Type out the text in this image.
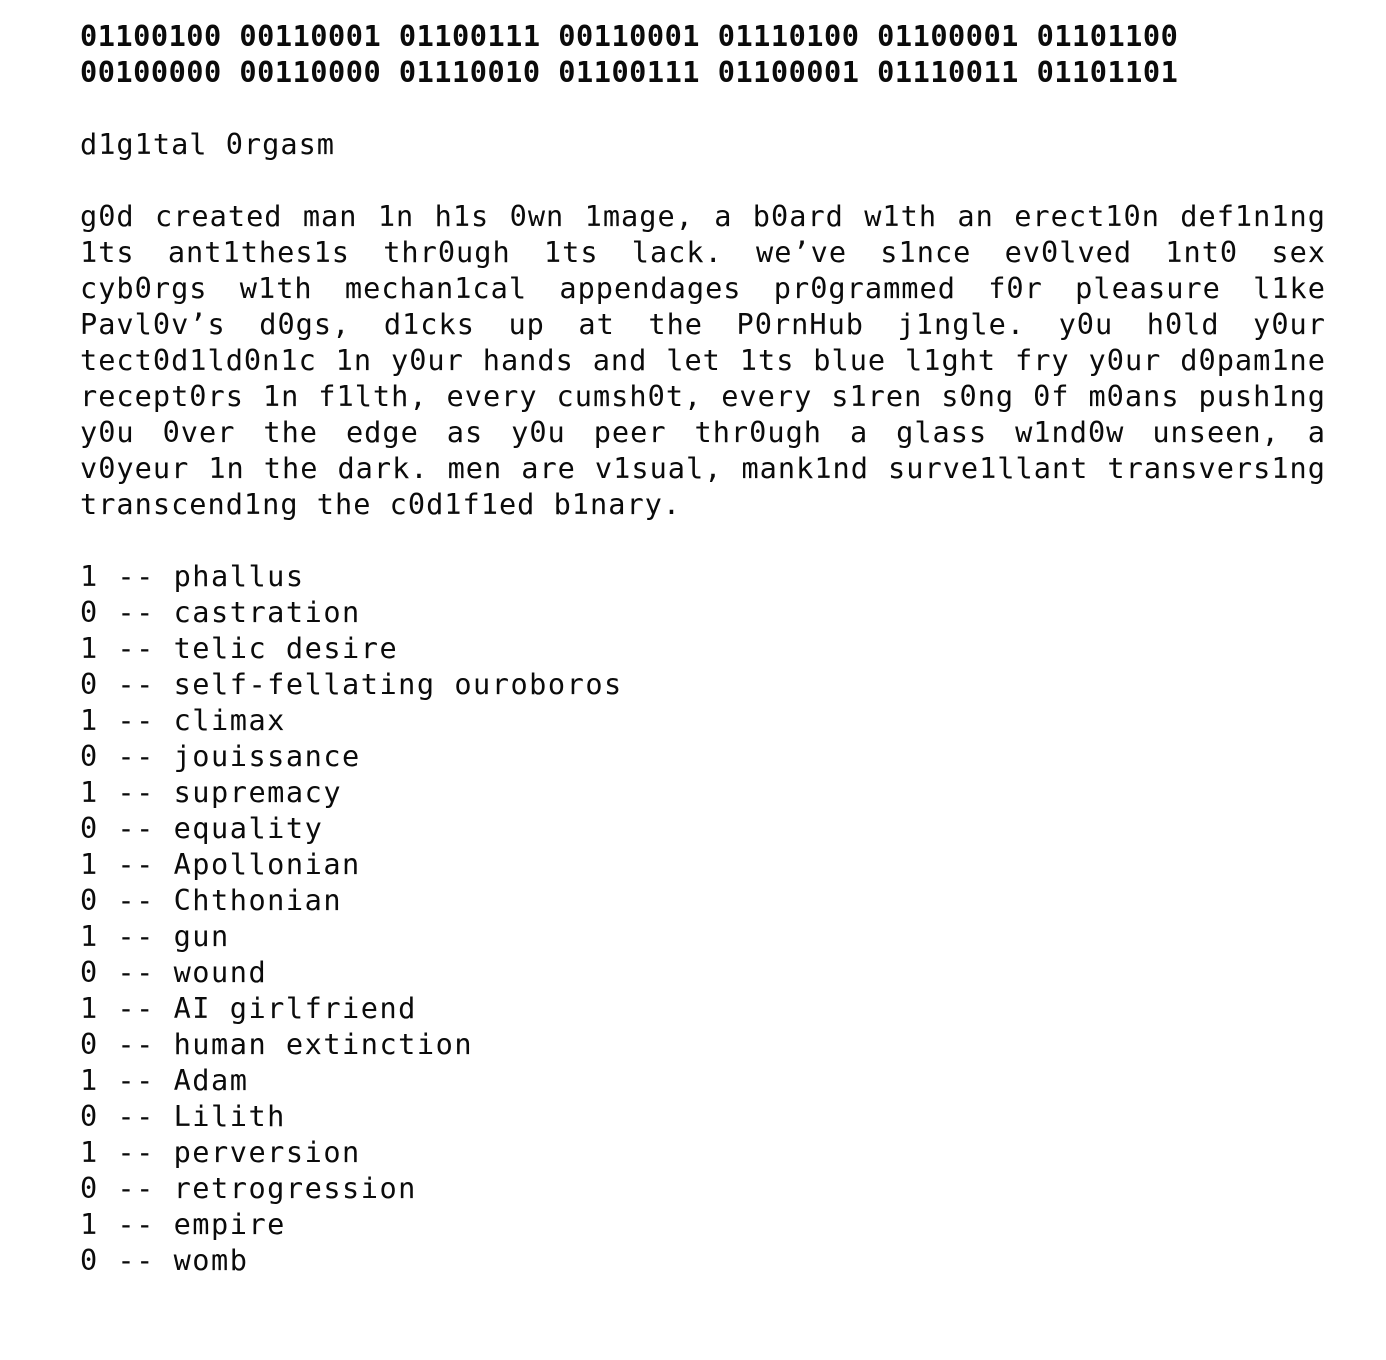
01100100 00110001 01100111 00110001 01110100 01100001 01101100
00100000 00110000 01110010 01100111 01100001 01110011 01101101
d1g1tal 0rgasm

g0d created man 1n h1s 0wn 1mage, a b0ard w1th an erect10n def1n1ng 1ts ant1thes1s thr0ugh 1ts lack. we’ve s1nce ev0lved 1nt0 sex cyb0rgs w1th mechan1cal appendages pr0grammed f0r pleasure l1ke Pavl0v’s d0gs, d1cks up at the P0rnHub j1ngle. y0u h0ld y0ur tect0d1ld0n1c 1n y0ur hands and let 1ts blue l1ght fry y0ur d0pam1ne recept0rs 1n f1lth, every cumsh0t, every s1ren s0ng 0f m0ans push1ng y0u 0ver the edge as y0u peer thr0ugh a glass w1nd0w unseen, a v0yeur 1n the dark. men are v1sual, mank1nd surve1llant transvers1ng transcend1ng the c0d1f1ed b1nary.

1 -- phallus
0 -- castration
1 -- telic desire
0 -- self-fellating ouroboros
1 -- climax
0 -- jouissance
1 -- supremacy
0 -- equality
1 -- Apollonian
0 -- Chthonian
1 -- gun
0 -- wound
1 -- AI girlfriend
0 -- human extinction
1 -- Adam
0 -- Lilith
1 -- perversion
0 -- retrogression
1 -- empire
0 -- womb
